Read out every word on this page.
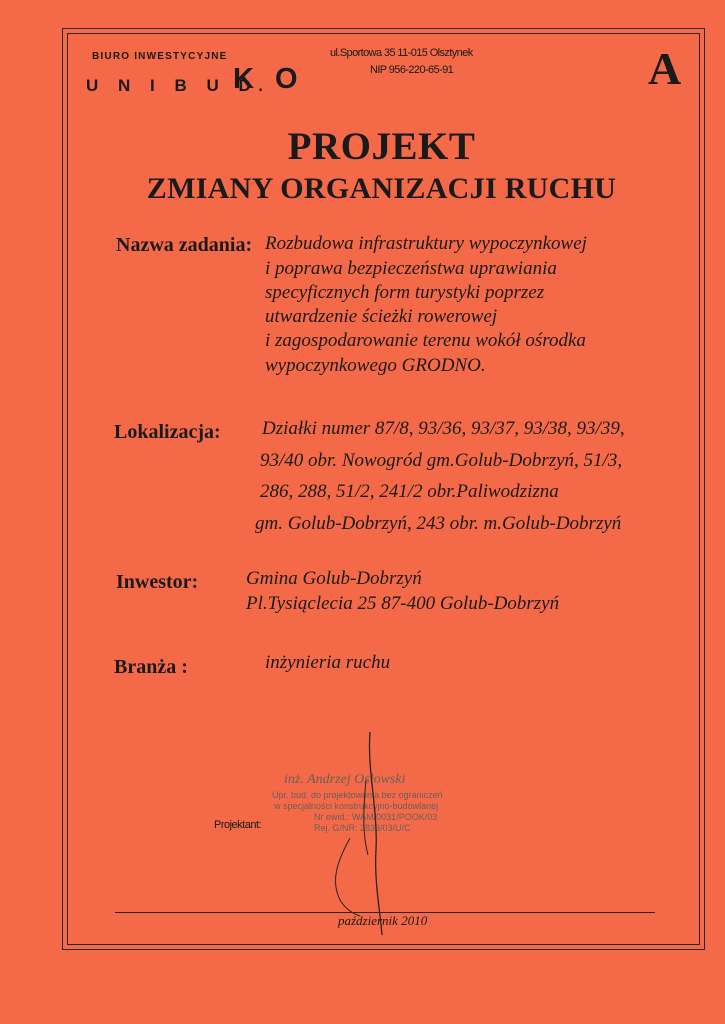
BIURO INWESTYCYJNE
U N I B U D.
KO
ul.Sportowa 35 11-015 Olsztynek
NIP 956-220-65-91	A
PROJEKT
ZMIANY ORGANIZACJI RUCHU
Nazwa zadania: Rozbudowa infrastruktury wypoczynkowej
i poprawa bezpieczeństwa uprawiania
specyficznych form turystyki poprzez
utwardzenie ścieżki rowerowej
i zagospodarowanie terenu wokół ośrodka
wypoczynkowego GRODNO.
Lokalizacja: Działki numer 87/8, 93/36, 93/37, 93/38, 93/39,
93/40 obr. Nowogród gm.Golub-Dobrzyń, 51/3,
286, 288, 51/2, 241/2 obr.Paliwodzizna
gm. Golub-Dobrzyń, 243 obr. m.Golub-Dobrzyń
Inwestor:	Gmina Golub-Dobrzyń
Pl.Tysiąclecia 25 87-400 Golub-Dobrzyń
Branża :	inżynieria ruchu
inż. Andrzej Osłowski
Upr. bud. do projektowania bez ograniczeń
w specjalności konstrukcyjno-budowlanej
Nr ewid.: WAM/0031/POOK/03
Rej. G/NR: 2833/03/U/C
Projektant:
październik 2010
